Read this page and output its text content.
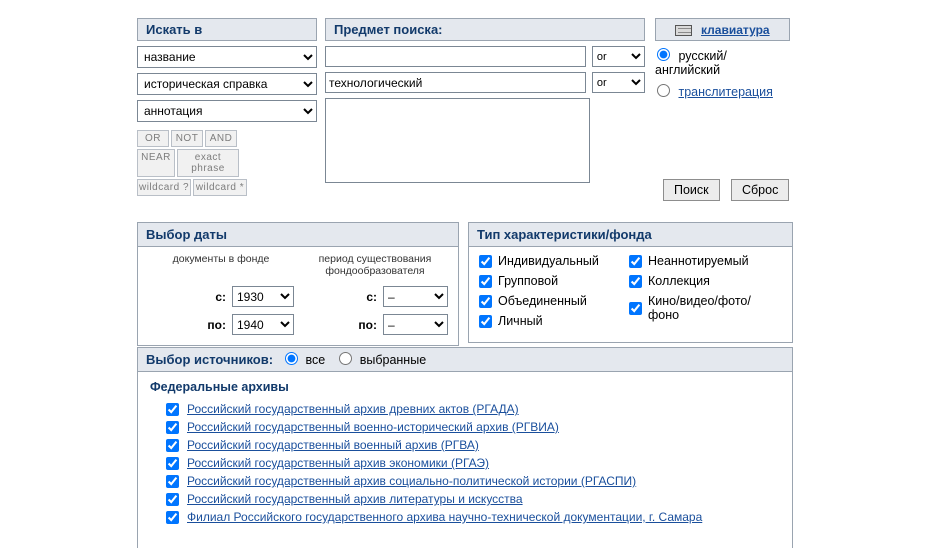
Искать в
название
историческая справка
аннотация
OR	NOT	AND
NEAR	exact phrase
wildcard ? wildcard *
Предмет поиска:
or
технологический
or	клавиатура
русский/английский
транслитерация
Поиск	Сброс
Выбор даты
документы в фонде
с:
1930
по:
1940
период существования фондообразователя
с:
–
по:
–
Тип характеристики/фонда
Индивидуальный
Групповой
Объединенный
Личный
Неаннотируемый
Коллекция
Кино/видео/фото/фоно
Выбор источников:	все	выбранные
Федеральные архивы
Российский государственный архив древних актов (РГАДА)
Российский государственный военно-исторический архив (РГВИА)
Российский государственный военный архив (РГВА)
Российский государственный архив экономики (РГАЭ)
Российский государственный архив социально-политической истории (РГАСПИ)
Российский государственный архив литературы и искусства
Филиал Российского государственного архива научно-технической документации, г. Самара
